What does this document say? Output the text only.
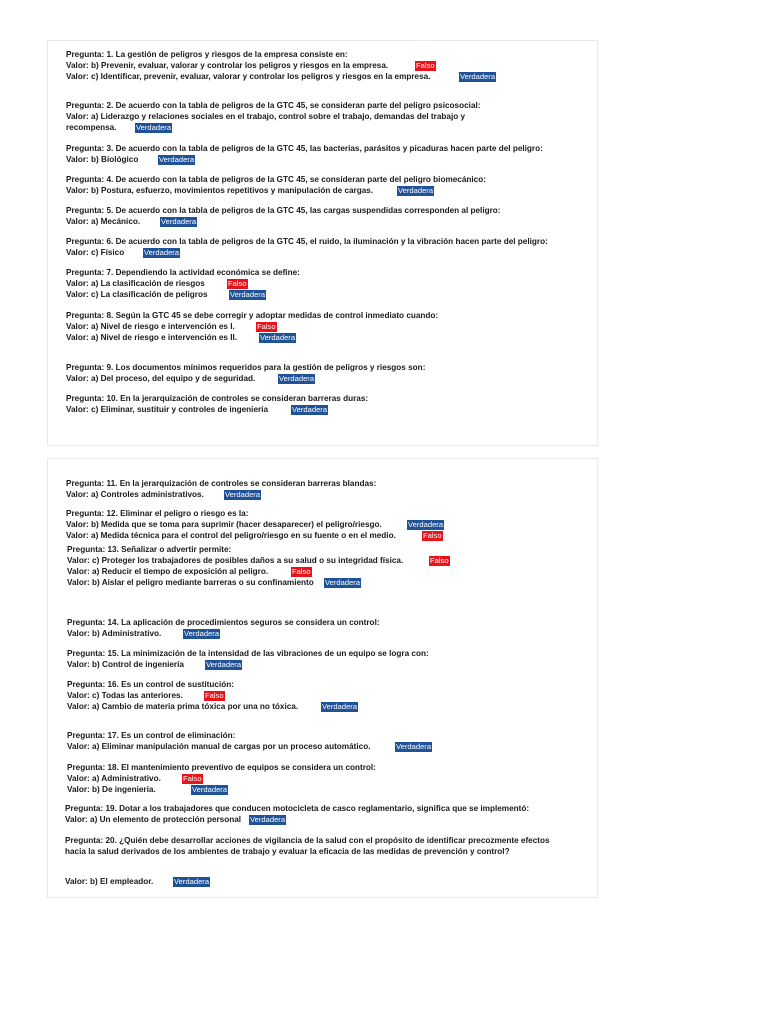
Pregunta: 1. La gestión de peligros y riesgos de la empresa consiste en:
Valor: b) Prevenir, evaluar, valorar y controlar los peligros y riesgos en la empresa.	Falso
Valor: c) Identificar, prevenir, evaluar, valorar y controlar los peligros y riesgos en la empresa.	Verdadera
Pregunta: 2. De acuerdo con la tabla de peligros de la GTC 45, se consideran parte del peligro psicosocial:
Valor: a) Liderazgo y relaciones sociales en el trabajo, control sobre el trabajo, demandas del trabajo y
recompensa.	Verdadera
Pregunta: 3. De acuerdo con la tabla de peligros de la GTC 45, las bacterias, parásitos y picaduras hacen parte del peligro:
Valor: b) Biológico	Verdadera
Pregunta: 4. De acuerdo con la tabla de peligros de la GTC 45, se consideran parte del peligro biomecánico:
Valor: b) Postura, esfuerzo, movimientos repetitivos y manipulación de cargas.	Verdadera
Pregunta: 5. De acuerdo con la tabla de peligros de la GTC 45, las cargas suspendidas corresponden al peligro:
Valor: a) Mecánico.	Verdadera
Pregunta: 6. De acuerdo con la tabla de peligros de la GTC 45, el ruido, la iluminación y la vibración hacen parte del peligro:
Valor: c) Físico	Verdadera
Pregunta: 7. Dependiendo la actividad económica se define:
Valor: a) La clasificación de riesgos	Falso
Valor: c) La clasificación de peligros	Verdadera
Pregunta: 8. Según la GTC 45 se debe corregir y adoptar medidas de control inmediato cuando:
Valor: a) Nivel de riesgo e intervención es I.	Falso
Valor: a) Nivel de riesgo e intervención es II.	Verdadera
Pregunta: 9. Los documentos mínimos requeridos para la gestión de peligros y riesgos son:
Valor: a) Del proceso, del equipo y de seguridad.	Verdadera
Pregunta: 10. En la jerarquización de controles se consideran barreras duras:
Valor: c) Eliminar, sustituir y controles de ingeniería	Verdadera
Pregunta: 11. En la jerarquización de controles se consideran barreras blandas:
Valor: a) Controles administrativos.	Verdadera
Pregunta: 12. Eliminar el peligro o riesgo es la:
Valor: b) Medida que se toma para suprimir (hacer desaparecer) el peligro/riesgo.	Verdadera
Valor: a) Medida técnica para el control del peligro/riesgo en su fuente o en el medio.	Falso
Pregunta: 13. Señalizar o advertir permite:
Valor: c) Proteger los trabajadores de posibles daños a su salud o su integridad física.	Falso
Valor: a) Reducir el tiempo de exposición al peligro.	Falso
Valor: b) Aislar el peligro mediante barreras o su confinamiento Verdadera
Pregunta: 14. La aplicación de procedimientos seguros se considera un control:
Valor: b) Administrativo.	Verdadera
Pregunta: 15. La minimización de la intensidad de las vibraciones de un equipo se logra con:
Valor: b) Control de ingeniería	Verdadera
Pregunta: 16. Es un control de sustitución:
Valor: c) Todas las anteriores.	Falso
Valor: a) Cambio de materia prima tóxica por una no tóxica.	Verdadera
Pregunta: 17. Es un control de eliminación:
Valor: a) Eliminar manipulación manual de cargas por un proceso automático.	Verdadera
Pregunta: 18. El mantenimiento preventivo de equipos se considera un control:
Valor: a) Administrativo.	Falso
Valor: b) De ingeniería.	Verdadera
Pregunta: 19. Dotar a los trabajadores que conducen motocicleta de casco reglamentario, significa que se implementó:
Valor: a) Un elemento de protección personal Verdadera
Pregunta: 20. ¿Quién debe desarrollar acciones de vigilancia de la salud con el propósito de identificar precozmente efectos
hacia la salud derivados de los ambientes de trabajo y evaluar la eficacia de las medidas de prevención y control?
Valor: b) El empleador.	Verdadera
